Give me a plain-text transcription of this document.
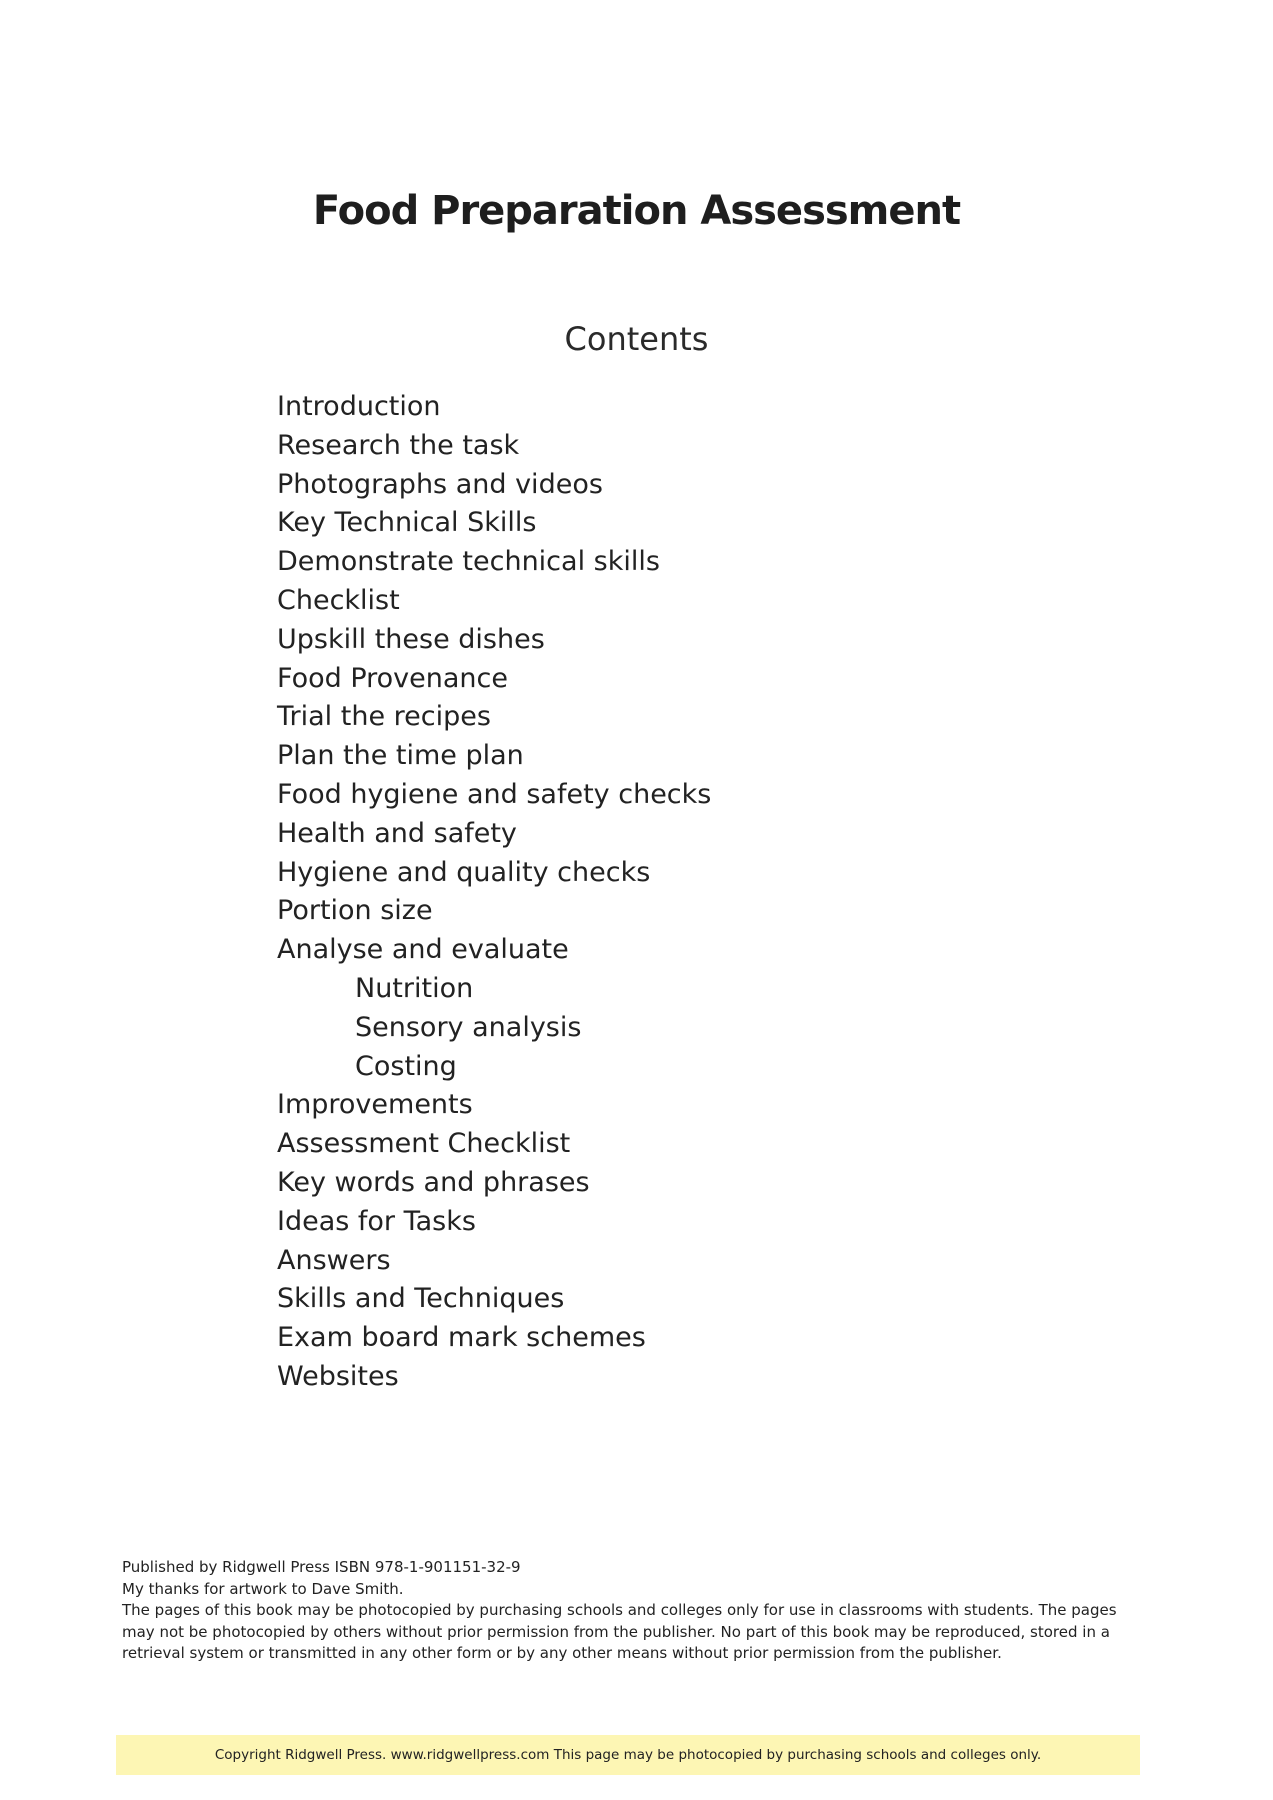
Food Preparation Assessment
Contents
Introduction
Research the task
Photographs and videos
Key Technical Skills
Demonstrate technical skills
Checklist
Upskill these dishes
Food Provenance
Trial the recipes
Plan the time plan
Food hygiene and safety checks
Health and safety
Hygiene and quality checks
Portion size
Analyse and evaluate
Nutrition
Sensory analysis
Costing
Improvements
Assessment Checklist
Key words and phrases
Ideas for Tasks
Answers
Skills and Techniques
Exam board mark schemes
Websites

Published by Ridgwell Press ISBN 978-1-901151-32-9

My thanks for artwork to Dave Smith.

The pages of this book may be photocopied by purchasing schools and colleges only for use in classrooms with students. The pages may not be photocopied by others without prior permission from the publisher. No part of this book may be reproduced, stored in a retrieval system or transmitted in any other form or by any other means without prior permission from the publisher.

Copyright Ridgwell Press. www.ridgwellpress.com This page may be photocopied by purchasing schools and colleges only.
